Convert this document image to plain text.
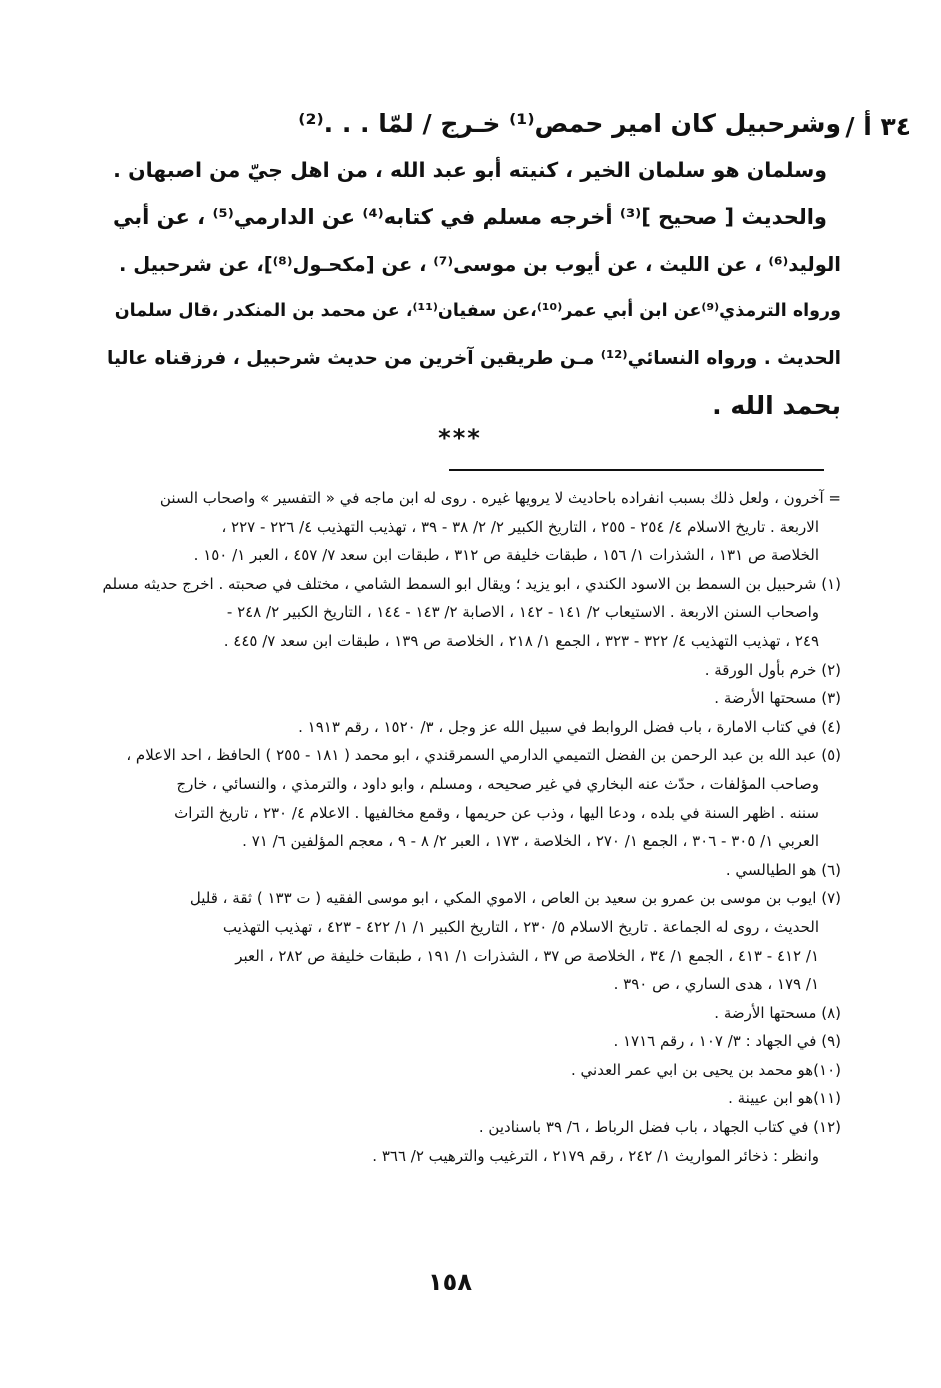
/ ٣٤ أ
وشرحبيل كان امير حمص⁽¹⁾ خـرج / لمّا . . .⁽²⁾
وسلمان هو سلمان الخير ، كنيته أبو عبد الله ، من اهل جيّ من اصبهان .
والحديث [ صحيح ]⁽³⁾ أخرجه مسلم في كتابه⁽⁴⁾ عن الدارمي⁽⁵⁾ ، عن أبي
الوليد⁽⁶⁾ ، عن الليث ، عن أيوب بن موسى⁽⁷⁾ ، عن [مكحـول⁽⁸⁾]، عن شرحبيل .
ورواه الترمذي⁽⁹⁾عن ابن أبي عمر⁽¹⁰⁾،عن سفيان⁽¹¹⁾، عن محمد بن المنكدر ،قال سلمان
الحديث . ورواه النسائي⁽¹²⁾ مـن طريقين آخرين من حديث شرحبيل ، فرزقناه عاليا
بحمد الله .
***
= آخرون ، ولعل ذلك بسبب انفراده باحاديث لا يرويها غيره . روى له ابن ماجه في « التفسير » واصحاب السنن
الاربعة . تاريخ الاسلام ٤/ ٢٥٤ - ٢٥٥ ، التاريخ الكبير ٢/ ٢/ ٣٨ - ٣٩ ، تهذيب التهذيب ٤/ ٢٢٦ - ٢٢٧ ،
الخلاصة ص ١٣١ ، الشذرات ١/ ١٥٦ ، طبقات خليفة ص ٣١٢ ، طبقات ابن سعد ٧/ ٤٥٧ ، العبر ١/ ١٥٠ .
(١) شرحبيل بن السمط بن الاسود الكندي ، ابو يزيد ؛ ويقال ابو السمط الشامي ، مختلف في صحبته . اخرج حديثه مسلم
واصحاب السنن الاربعة . الاستيعاب ٢/ ١٤١ - ١٤٢ ، الاصابة ٢/ ١٤٣ - ١٤٤ ، التاريخ الكبير ٢/ ٢٤٨ -
٢٤٩ ، تهذيب التهذيب ٤/ ٣٢٢ - ٣٢٣ ، الجمع ١/ ٢١٨ ، الخلاصة ص ١٣٩ ، طبقات ابن سعد ٧/ ٤٤٥ .
(٢) خرم بأول الورقة .
(٣) مسحتها الأرضة .
(٤) في كتاب الامارة ، باب فضل الروابط في سبيل الله عز وجل ، ٣/ ١٥٢٠ ، رقم ١٩١٣ .
(٥) عبد الله بن عبد الرحمن بن الفضل التميمي الدارمي السمرقندي ، ابو محمد ( ١٨١ - ٢٥٥ ) الحافظ ، احد الاعلام ،
وصاحب المؤلفات ، حدّث عنه البخاري في غير صحيحه ، ومسلم ، وابو داود ، والترمذي ، والنسائي ، خارج
سننه . اظهر السنة في بلده ، ودعا اليها ، وذب عن حريمها ، وقمع مخالفيها . الاعلام ٤/ ٢٣٠ ، تاريخ التراث
العربي ١/ ٣٠٥ - ٣٠٦ ، الجمع ١/ ٢٧٠ ، الخلاصة ، ١٧٣ ، العبر ٢/ ٨ - ٩ ، معجم المؤلفين ٦/ ٧١ .
(٦) هو الطيالسي .
(٧) ايوب بن موسى بن عمرو بن سعيد بن العاص ، الاموي المكي ، ابو موسى الفقيه ( ت ١٣٣ ) ثقة ، قليل
الحديث ، روى له الجماعة . تاريخ الاسلام ٥/ ٢٣٠ ، التاريخ الكبير ١/ ١/ ٤٢٢ - ٤٢٣ ، تهذيب التهذيب
١/ ٤١٢ - ٤١٣ ، الجمع ١/ ٣٤ ، الخلاصة ص ٣٧ ، الشذرات ١/ ١٩١ ، طبقات خليفة ص ٢٨٢ ، العبر
١/ ١٧٩ ، هدى الساري ، ص ٣٩٠ .
(٨) مسحتها الأرضة .
(٩) في الجهاد : ٣/ ١٠٧ ، رقم ١٧١٦ .
(١٠)هو محمد بن يحيى بن ابي عمر العدني .
(١١)هو ابن عيينة .
(١٢) في كتاب الجهاد ، باب فضل الرباط ، ٦/ ٣٩ باسنادين .
وانظر : ذخائر المواريث ١/ ٢٤٢ ، رقم ٢١٧٩ ، الترغيب والترهيب ٢/ ٣٦٦ .
١٥٨
